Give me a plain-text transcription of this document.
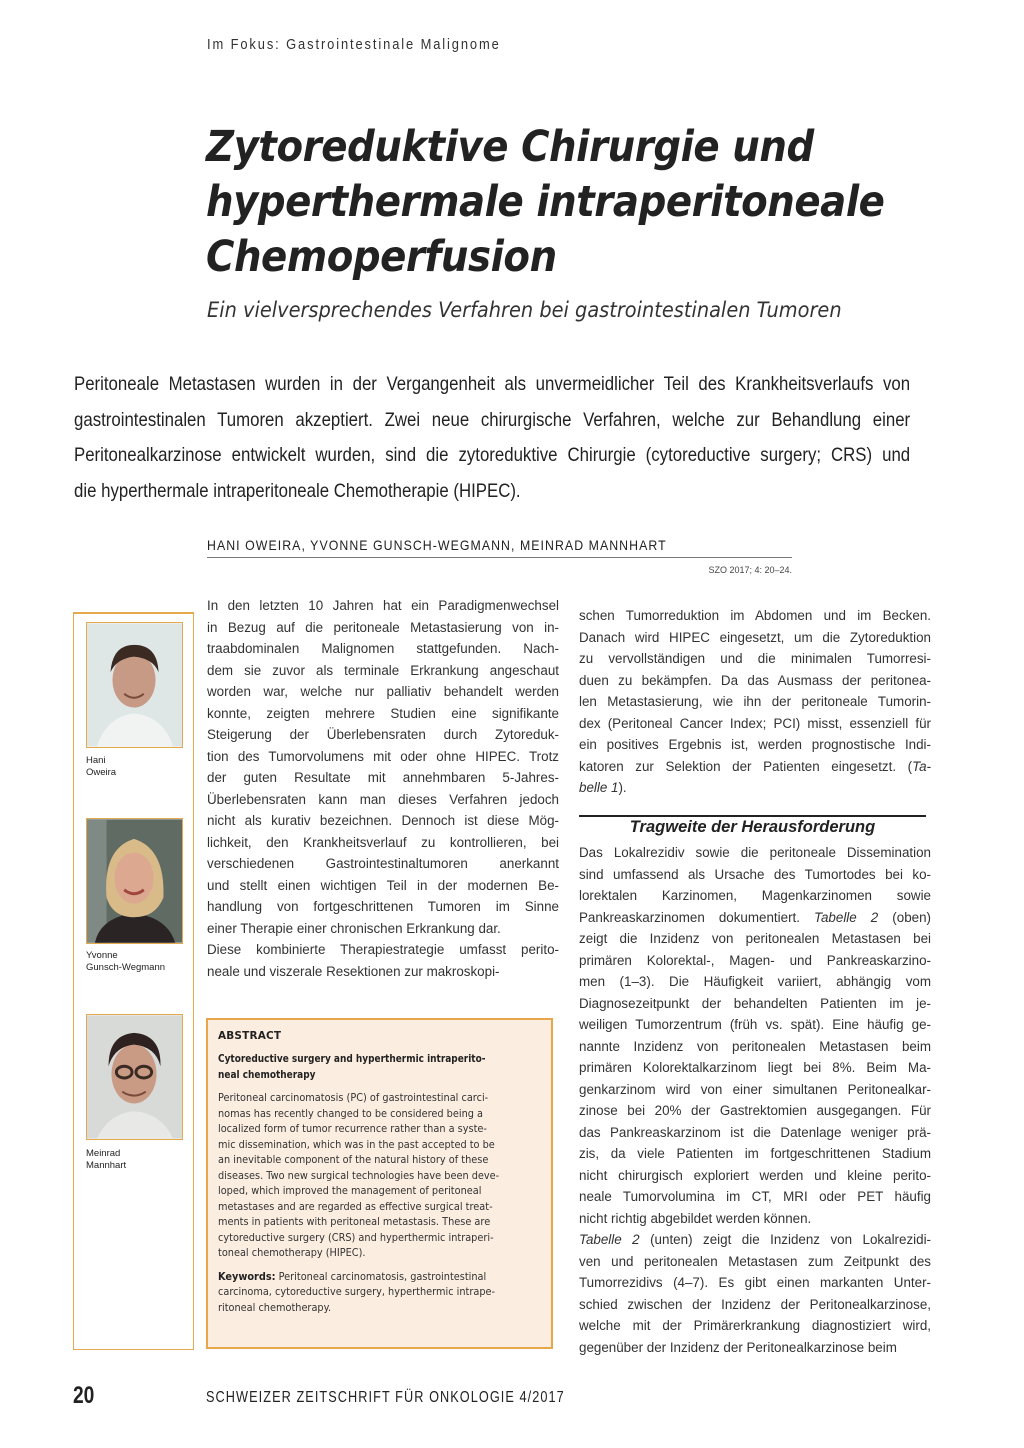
Im Fokus: Gastrointestinale Malignome
Zytoreduktive Chirurgie und
hyperthermale intraperitoneale
Chemoperfusion
Ein vielversprechendes Verfahren bei gastrointestinalen Tumoren
Peritoneale Metastasen wurden in der Vergangenheit als unvermeidlicher Teil des Krankheitsverlaufs von
gastrointestinalen Tumoren akzeptiert. Zwei neue chirurgische Verfahren, welche zur Behandlung einer
Peritonealkarzinose entwickelt wurden, sind die zytoreduktive Chirurgie (cytoreductive surgery; CRS) und
die hyperthermale intraperitoneale Chemotherapie (HIPEC).
HANI OWEIRA, YVONNE GUNSCH-WEGMANN, MEINRAD MANNHART
SZO 2017; 4: 20–24.
Hani
Oweira
Yvonne
Gunsch-Wegmann
Meinrad
Mannhart
In den letzten 10 Jahren hat ein Paradigmenwechsel
in Bezug auf die peritoneale Metastasierung von in-
traabdominalen Malignomen stattgefunden. Nach-
dem sie zuvor als terminale Erkrankung angeschaut
worden war, welche nur palliativ behandelt werden
konnte, zeigten mehrere Studien eine signifikante
Steigerung der Überlebensraten durch Zytoreduk-
tion des Tumorvolumens mit oder ohne HIPEC. Trotz
der guten Resultate mit annehmbaren 5-Jahres-
Überlebensraten kann man dieses Verfahren jedoch
nicht als kurativ bezeichnen. Dennoch ist diese Mög-
lichkeit, den Krankheitsverlauf zu kontrollieren, bei
verschiedenen Gastrointestinaltumoren anerkannt
und stellt einen wichtigen Teil in der modernen Be-
handlung von fortgeschrittenen Tumoren im Sinne
einer Therapie einer chronischen Erkrankung dar.
Diese kombinierte Therapiestrategie umfasst perito-
neale und viszerale Resektionen zur makroskopi-
ABSTRACT
Cytoreductive surgery and hyperthermic intraperito-
neal chemotherapy
Peritoneal carcinomatosis (PC) of gastrointestinal carci-
nomas has recently changed to be considered being a
localized form of tumor recurrence rather than a syste-
mic dissemination, which was in the past accepted to be
an inevitable component of the natural history of these
diseases. Two new surgical technologies have been deve-
loped, which improved the management of peritoneal
metastases and are regarded as effective surgical treat-
ments in patients with peritoneal metastasis. These are
cytoreductive surgery (CRS) and hyperthermic intraperi-
toneal chemotherapy (HIPEC).
Keywords: Peritoneal carcinomatosis, gastrointestinal
carcinoma, cytoreductive surgery, hyperthermic intrape-
ritoneal chemotherapy.
schen Tumorreduktion im Abdomen und im Becken.
Danach wird HIPEC eingesetzt, um die Zytoreduktion
zu vervollständigen und die minimalen Tumorresi-
duen zu bekämpfen. Da das Ausmass der peritonea-
len Metastasierung, wie ihn der peritoneale Tumorin-
dex (Peritoneal Cancer Index; PCI) misst, essenziell für
ein positives Ergebnis ist, werden prognostische Indi-
katoren zur Selektion der Patienten eingesetzt. (Ta-
belle 1).
Tragweite der Herausforderung
Das Lokalrezidiv sowie die peritoneale Dissemination
sind umfassend als Ursache des Tumortodes bei ko-
lorektalen Karzinomen, Magenkarzinomen sowie
Pankreaskarzinomen dokumentiert. Tabelle 2 (oben)
zeigt die Inzidenz von peritonealen Metastasen bei
primären Kolorektal-, Magen- und Pankreaskarzino-
men (1–3). Die Häufigkeit variiert, abhängig vom
Diagnosezeitpunkt der behandelten Patienten im je-
weiligen Tumorzentrum (früh vs. spät). Eine häufig ge-
nannte Inzidenz von peritonealen Metastasen beim
primären Kolorektalkarzinom liegt bei 8%. Beim Ma-
genkarzinom wird von einer simultanen Peritonealkar-
zinose bei 20% der Gastrektomien ausgegangen. Für
das Pankreaskarzinom ist die Datenlage weniger prä-
zis, da viele Patienten im fortgeschrittenen Stadium
nicht chirurgisch exploriert werden und kleine perito-
neale Tumorvolumina im CT, MRI oder PET häufig
nicht richtig abgebildet werden können.
Tabelle 2 (unten) zeigt die Inzidenz von Lokalrezidi-
ven und peritonealen Metastasen zum Zeitpunkt des
Tumorrezidivs (4–7). Es gibt einen markanten Unter-
schied zwischen der Inzidenz der Peritonealkarzinose,
welche mit der Primärerkrankung diagnostiziert wird,
gegenüber der Inzidenz der Peritonealkarzinose beim
20	SCHWEIZER ZEITSCHRIFT FÜR ONKOLOGIE 4/2017
